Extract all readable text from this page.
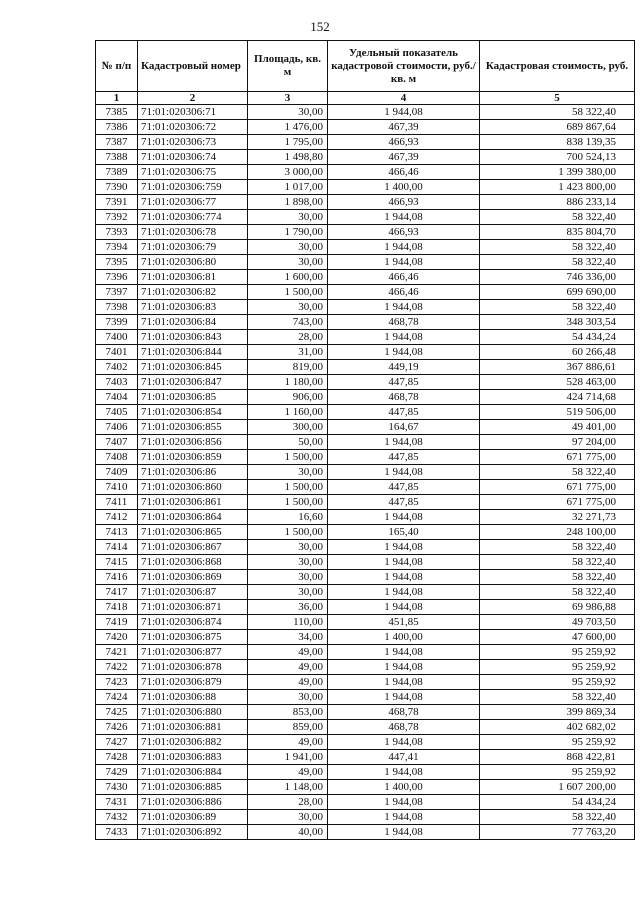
152
№ п/п	Кадастровый номер	Площадь, кв. м	Удельный показатель кадастровой стоимости, руб./кв. м	Кадастровая стоимость, руб.
1	2	3	4	5
7385	71:01:020306:71	30,00	1 944,08	58 322,40
7386	71:01:020306:72	1 476,00	467,39	689 867,64
7387	71:01:020306:73	1 795,00	466,93	838 139,35
7388	71:01:020306:74	1 498,80	467,39	700 524,13
7389	71:01:020306:75	3 000,00	466,46	1 399 380,00
7390	71:01:020306:759	1 017,00	1 400,00	1 423 800,00
7391	71:01:020306:77	1 898,00	466,93	886 233,14
7392	71:01:020306:774	30,00	1 944,08	58 322,40
7393	71:01:020306:78	1 790,00	466,93	835 804,70
7394	71:01:020306:79	30,00	1 944,08	58 322,40
7395	71:01:020306:80	30,00	1 944,08	58 322,40
7396	71:01:020306:81	1 600,00	466,46	746 336,00
7397	71:01:020306:82	1 500,00	466,46	699 690,00
7398	71:01:020306:83	30,00	1 944,08	58 322,40
7399	71:01:020306:84	743,00	468,78	348 303,54
7400	71:01:020306:843	28,00	1 944,08	54 434,24
7401	71:01:020306:844	31,00	1 944,08	60 266,48
7402	71:01:020306:845	819,00	449,19	367 886,61
7403	71:01:020306:847	1 180,00	447,85	528 463,00
7404	71:01:020306:85	906,00	468,78	424 714,68
7405	71:01:020306:854	1 160,00	447,85	519 506,00
7406	71:01:020306:855	300,00	164,67	49 401,00
7407	71:01:020306:856	50,00	1 944,08	97 204,00
7408	71:01:020306:859	1 500,00	447,85	671 775,00
7409	71:01:020306:86	30,00	1 944,08	58 322,40
7410	71:01:020306:860	1 500,00	447,85	671 775,00
7411	71:01:020306:861	1 500,00	447,85	671 775,00
7412	71:01:020306:864	16,60	1 944,08	32 271,73
7413	71:01:020306:865	1 500,00	165,40	248 100,00
7414	71:01:020306:867	30,00	1 944,08	58 322,40
7415	71:01:020306:868	30,00	1 944,08	58 322,40
7416	71:01:020306:869	30,00	1 944,08	58 322,40
7417	71:01:020306:87	30,00	1 944,08	58 322,40
7418	71:01:020306:871	36,00	1 944,08	69 986,88
7419	71:01:020306:874	110,00	451,85	49 703,50
7420	71:01:020306:875	34,00	1 400,00	47 600,00
7421	71:01:020306:877	49,00	1 944,08	95 259,92
7422	71:01:020306:878	49,00	1 944,08	95 259,92
7423	71:01:020306:879	49,00	1 944,08	95 259,92
7424	71:01:020306:88	30,00	1 944,08	58 322,40
7425	71:01:020306:880	853,00	468,78	399 869,34
7426	71:01:020306:881	859,00	468,78	402 682,02
7427	71:01:020306:882	49,00	1 944,08	95 259,92
7428	71:01:020306:883	1 941,00	447,41	868 422,81
7429	71:01:020306:884	49,00	1 944,08	95 259,92
7430	71:01:020306:885	1 148,00	1 400,00	1 607 200,00
7431	71:01:020306:886	28,00	1 944,08	54 434,24
7432	71:01:020306:89	30,00	1 944,08	58 322,40
7433	71:01:020306:892	40,00	1 944,08	77 763,20
